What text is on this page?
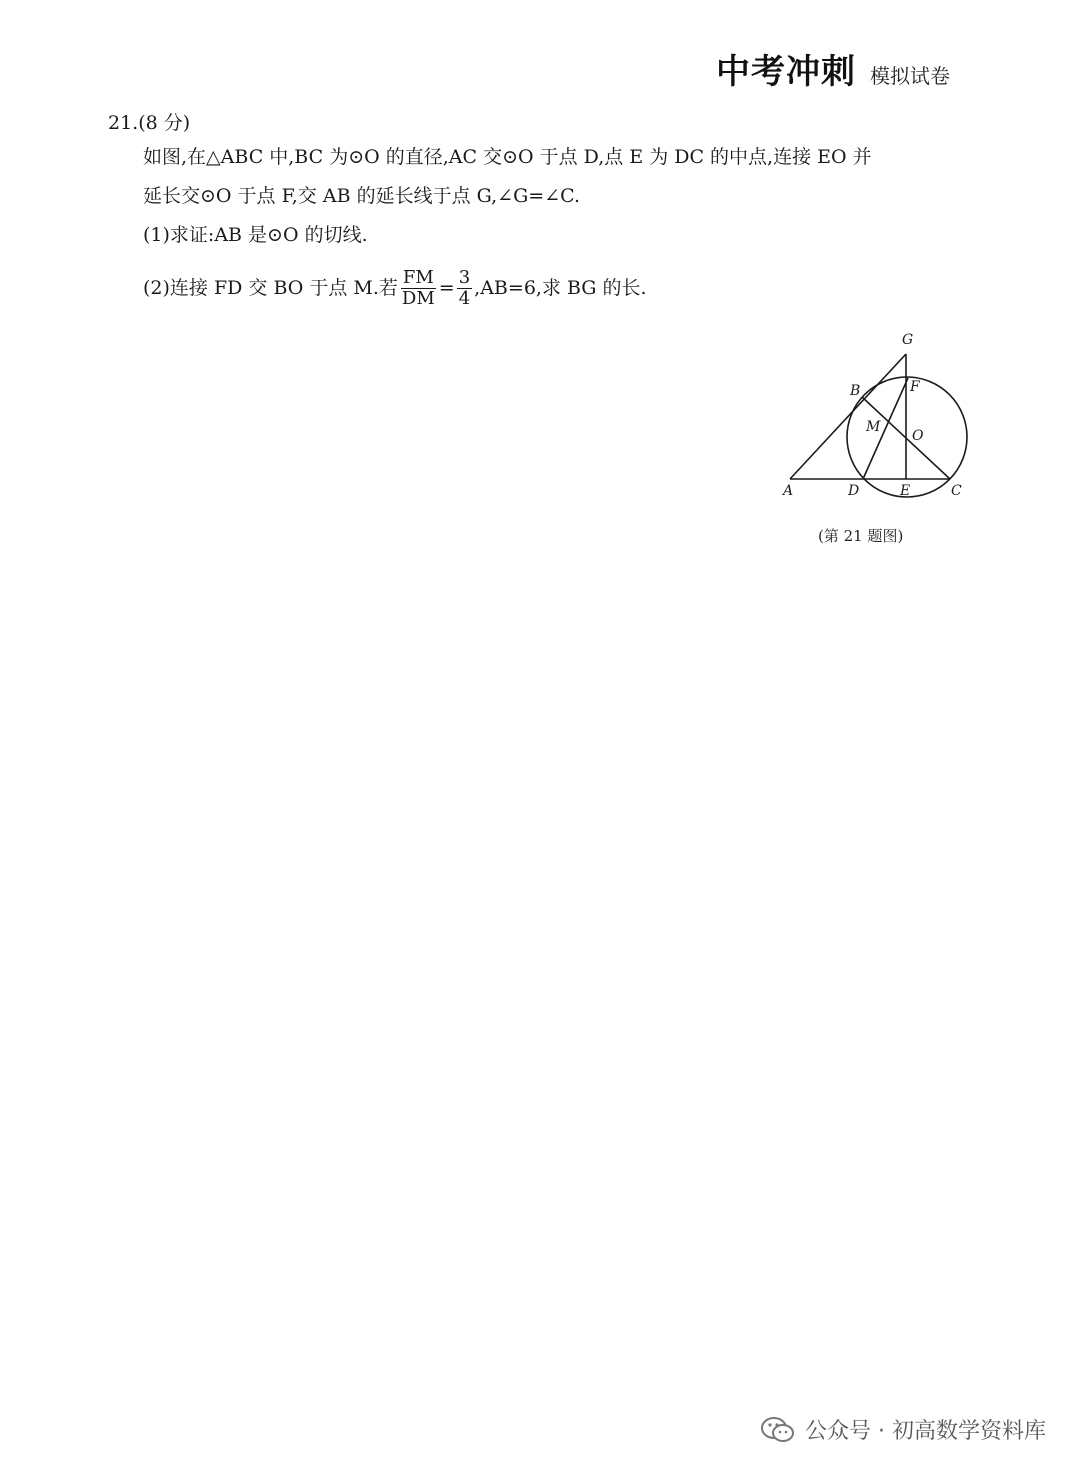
中考冲刺 模拟试卷
21.(8 分)
如图,在△ABC 中,BC 为⊙O 的直径,AC 交⊙O 于点 D,点 E 为 DC 的中点,连接 EO 并
延长交⊙O 于点 F,交 AB 的延长线于点 G,∠G=∠C.
(1)求证:AB 是⊙O 的切线.
(2)连接 FD 交 BO 于点 M.若 $\frac{FM}{DM} = \frac{3}{4} ,AB=6$,求 BG 的长.
G
B	F
M
O
A	D	E	C
(第 21 题图)
公众号 · 初高数学资料库
